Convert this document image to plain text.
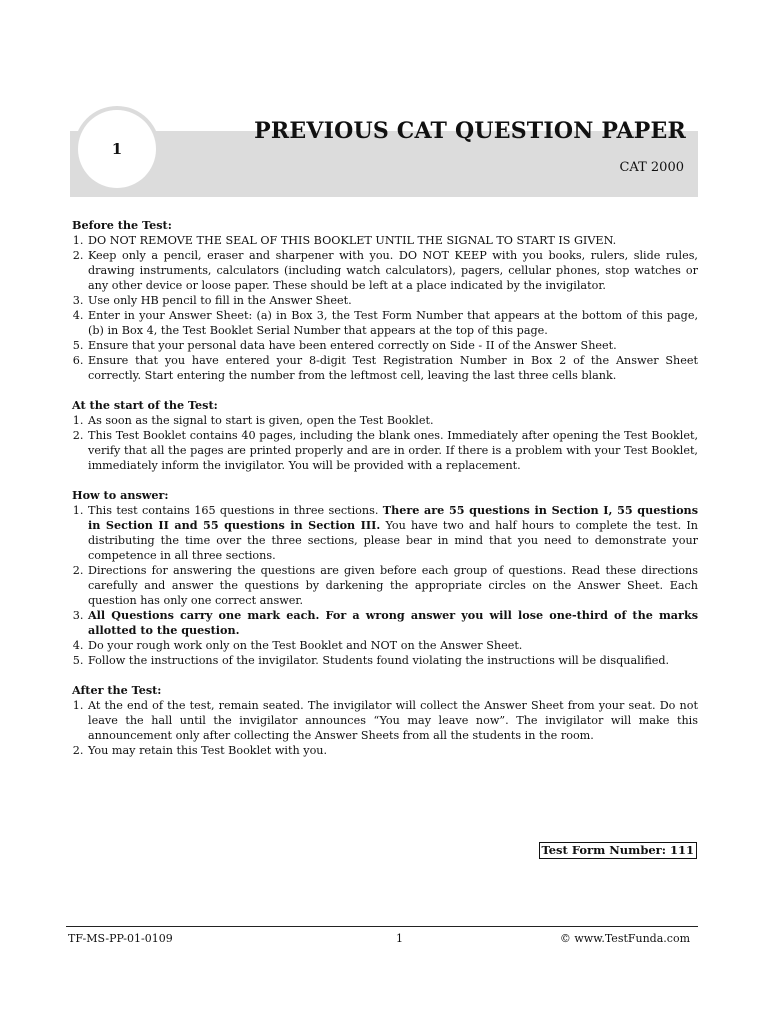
1
PREVIOUS CAT QUESTION PAPER
CAT 2000
Before the Test:
1. DO NOT REMOVE THE SEAL OF THIS BOOKLET UNTIL THE SIGNAL TO START IS GIVEN.
2. Keep only a pencil, eraser and sharpener with you. DO NOT KEEP with you books, rulers, slide rules, drawing instruments, calculators (including watch calculators), pagers, cellular phones, stop watches or any other device or loose paper. These should be left at a place indicated by the invigilator.
3. Use only HB pencil to fill in the Answer Sheet.
4. Enter in your Answer Sheet: (a) in Box 3, the Test Form Number that appears at the bottom of this page, (b) in Box 4, the Test Booklet Serial Number that appears at the top of this page.
5. Ensure that your personal data have been entered correctly on Side - II of the Answer Sheet.
6. Ensure that you have entered your 8-digit Test Registration Number in Box 2 of the Answer Sheet correctly. Start entering the number from the leftmost cell, leaving the last three cells blank.
At the start of the Test:
1. As soon as the signal to start is given, open the Test Booklet.
2. This Test Booklet contains 40 pages, including the blank ones. Immediately after opening the Test Booklet, verify that all the pages are printed properly and are in order. If there is a problem with your Test Booklet, immediately inform the invigilator. You will be provided with a replacement.
How to answer:
1. This test contains 165 questions in three sections. There are 55 questions in Section I, 55 questions in Section II and 55 questions in Section III. You have two and half hours to complete the test. In distributing the time over the three sections, please bear in mind that you need to demonstrate your competence in all three sections.
2. Directions for answering the questions are given before each group of questions. Read these directions carefully and answer the questions by darkening the appropriate circles on the Answer Sheet. Each question has only one correct answer.
3. All Questions carry one mark each. For a wrong answer you will lose one-third of the marks allotted to the question.
4. Do your rough work only on the Test Booklet and NOT on the Answer Sheet.
5. Follow the instructions of the invigilator. Students found violating the instructions will be disqualified.
After the Test:
1. At the end of the test, remain seated. The invigilator will collect the Answer Sheet from your seat. Do not leave the hall until the invigilator announces “You may leave now”. The invigilator will make this announcement only after collecting the Answer Sheets from all the students in the room.
2. You may retain this Test Booklet with you.
Test Form Number: 111
TF-MS-PP-01-0109	1	© www.TestFunda.com
